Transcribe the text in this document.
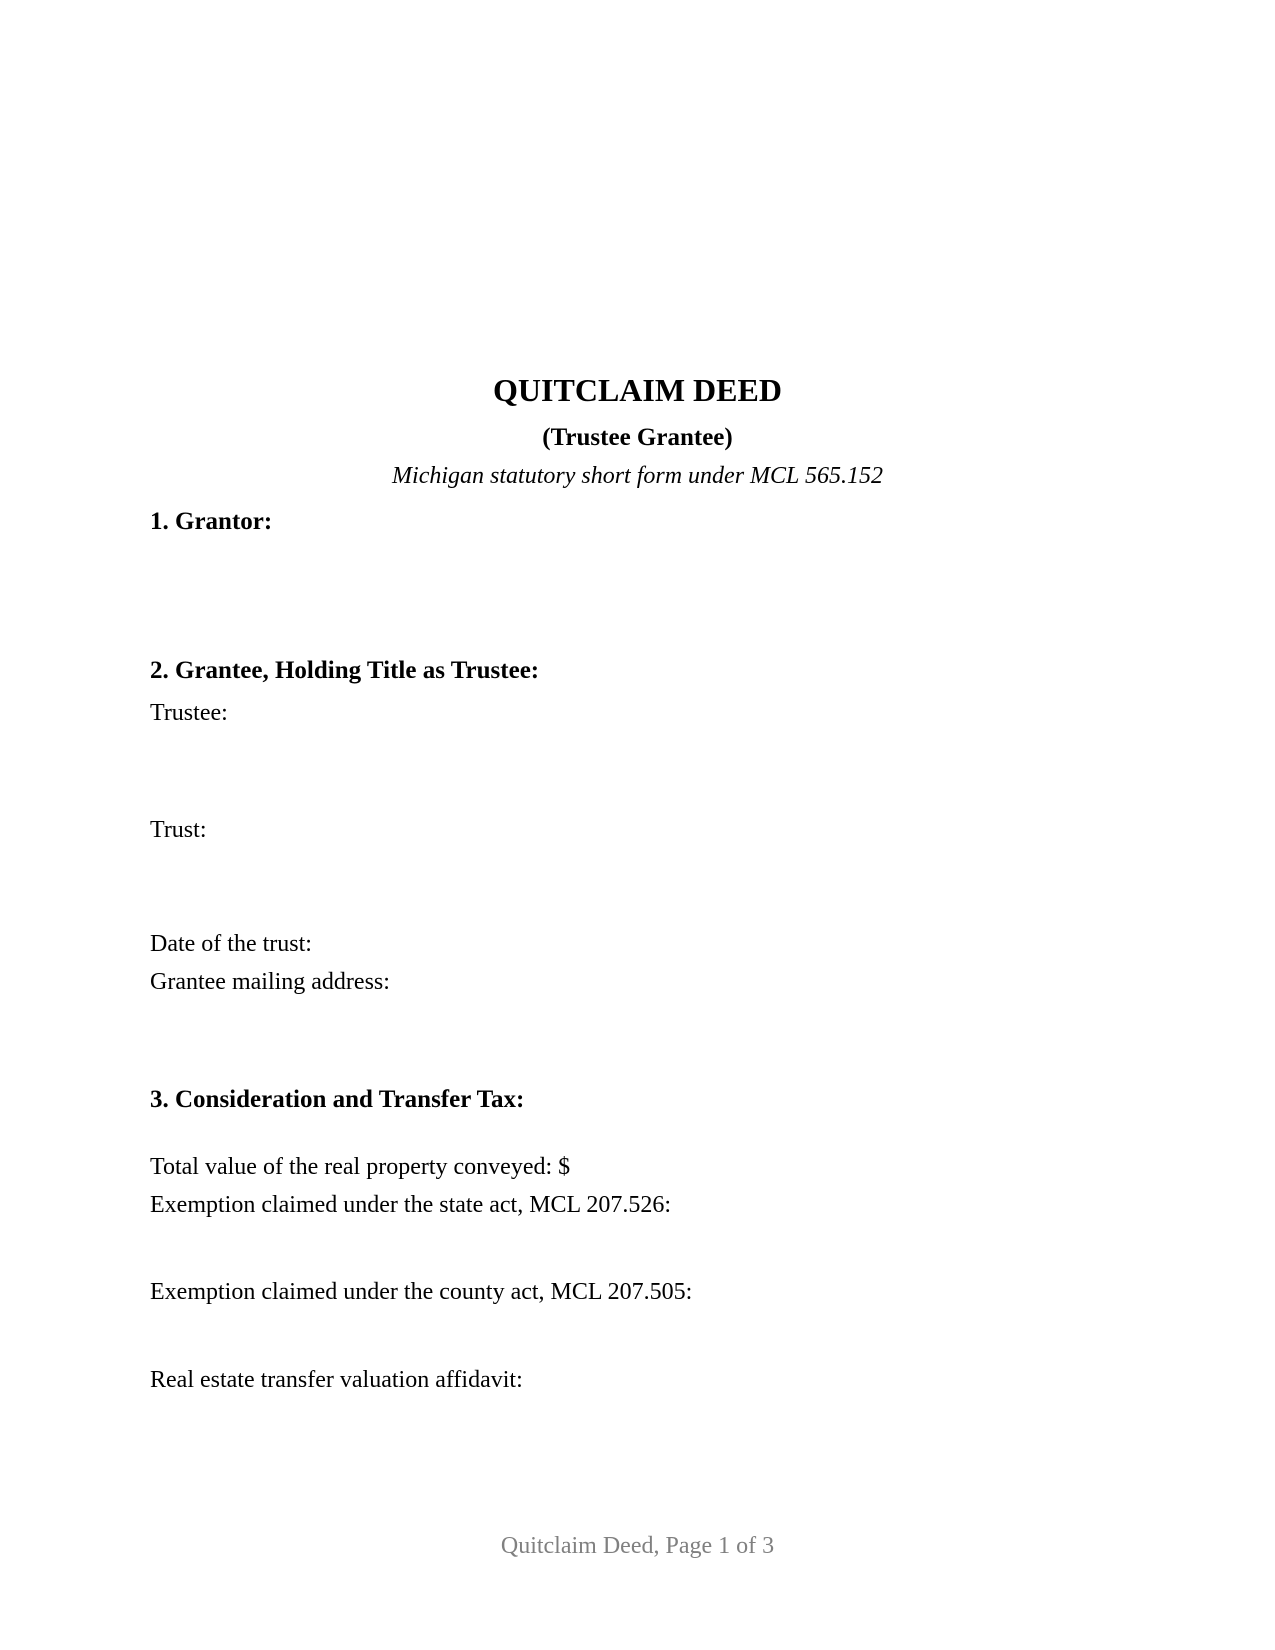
QUITCLAIM DEED
(Trustee Grantee)
Michigan statutory short form under MCL 565.152
1. Grantor:
2. Grantee, Holding Title as Trustee:
Trustee:
Trust:
Date of the trust:
Grantee mailing address:
3. Consideration and Transfer Tax:
Total value of the real property conveyed: $
Exemption claimed under the state act, MCL 207.526:
Exemption claimed under the county act, MCL 207.505:
Real estate transfer valuation affidavit:
Quitclaim Deed, Page 1 of 3
